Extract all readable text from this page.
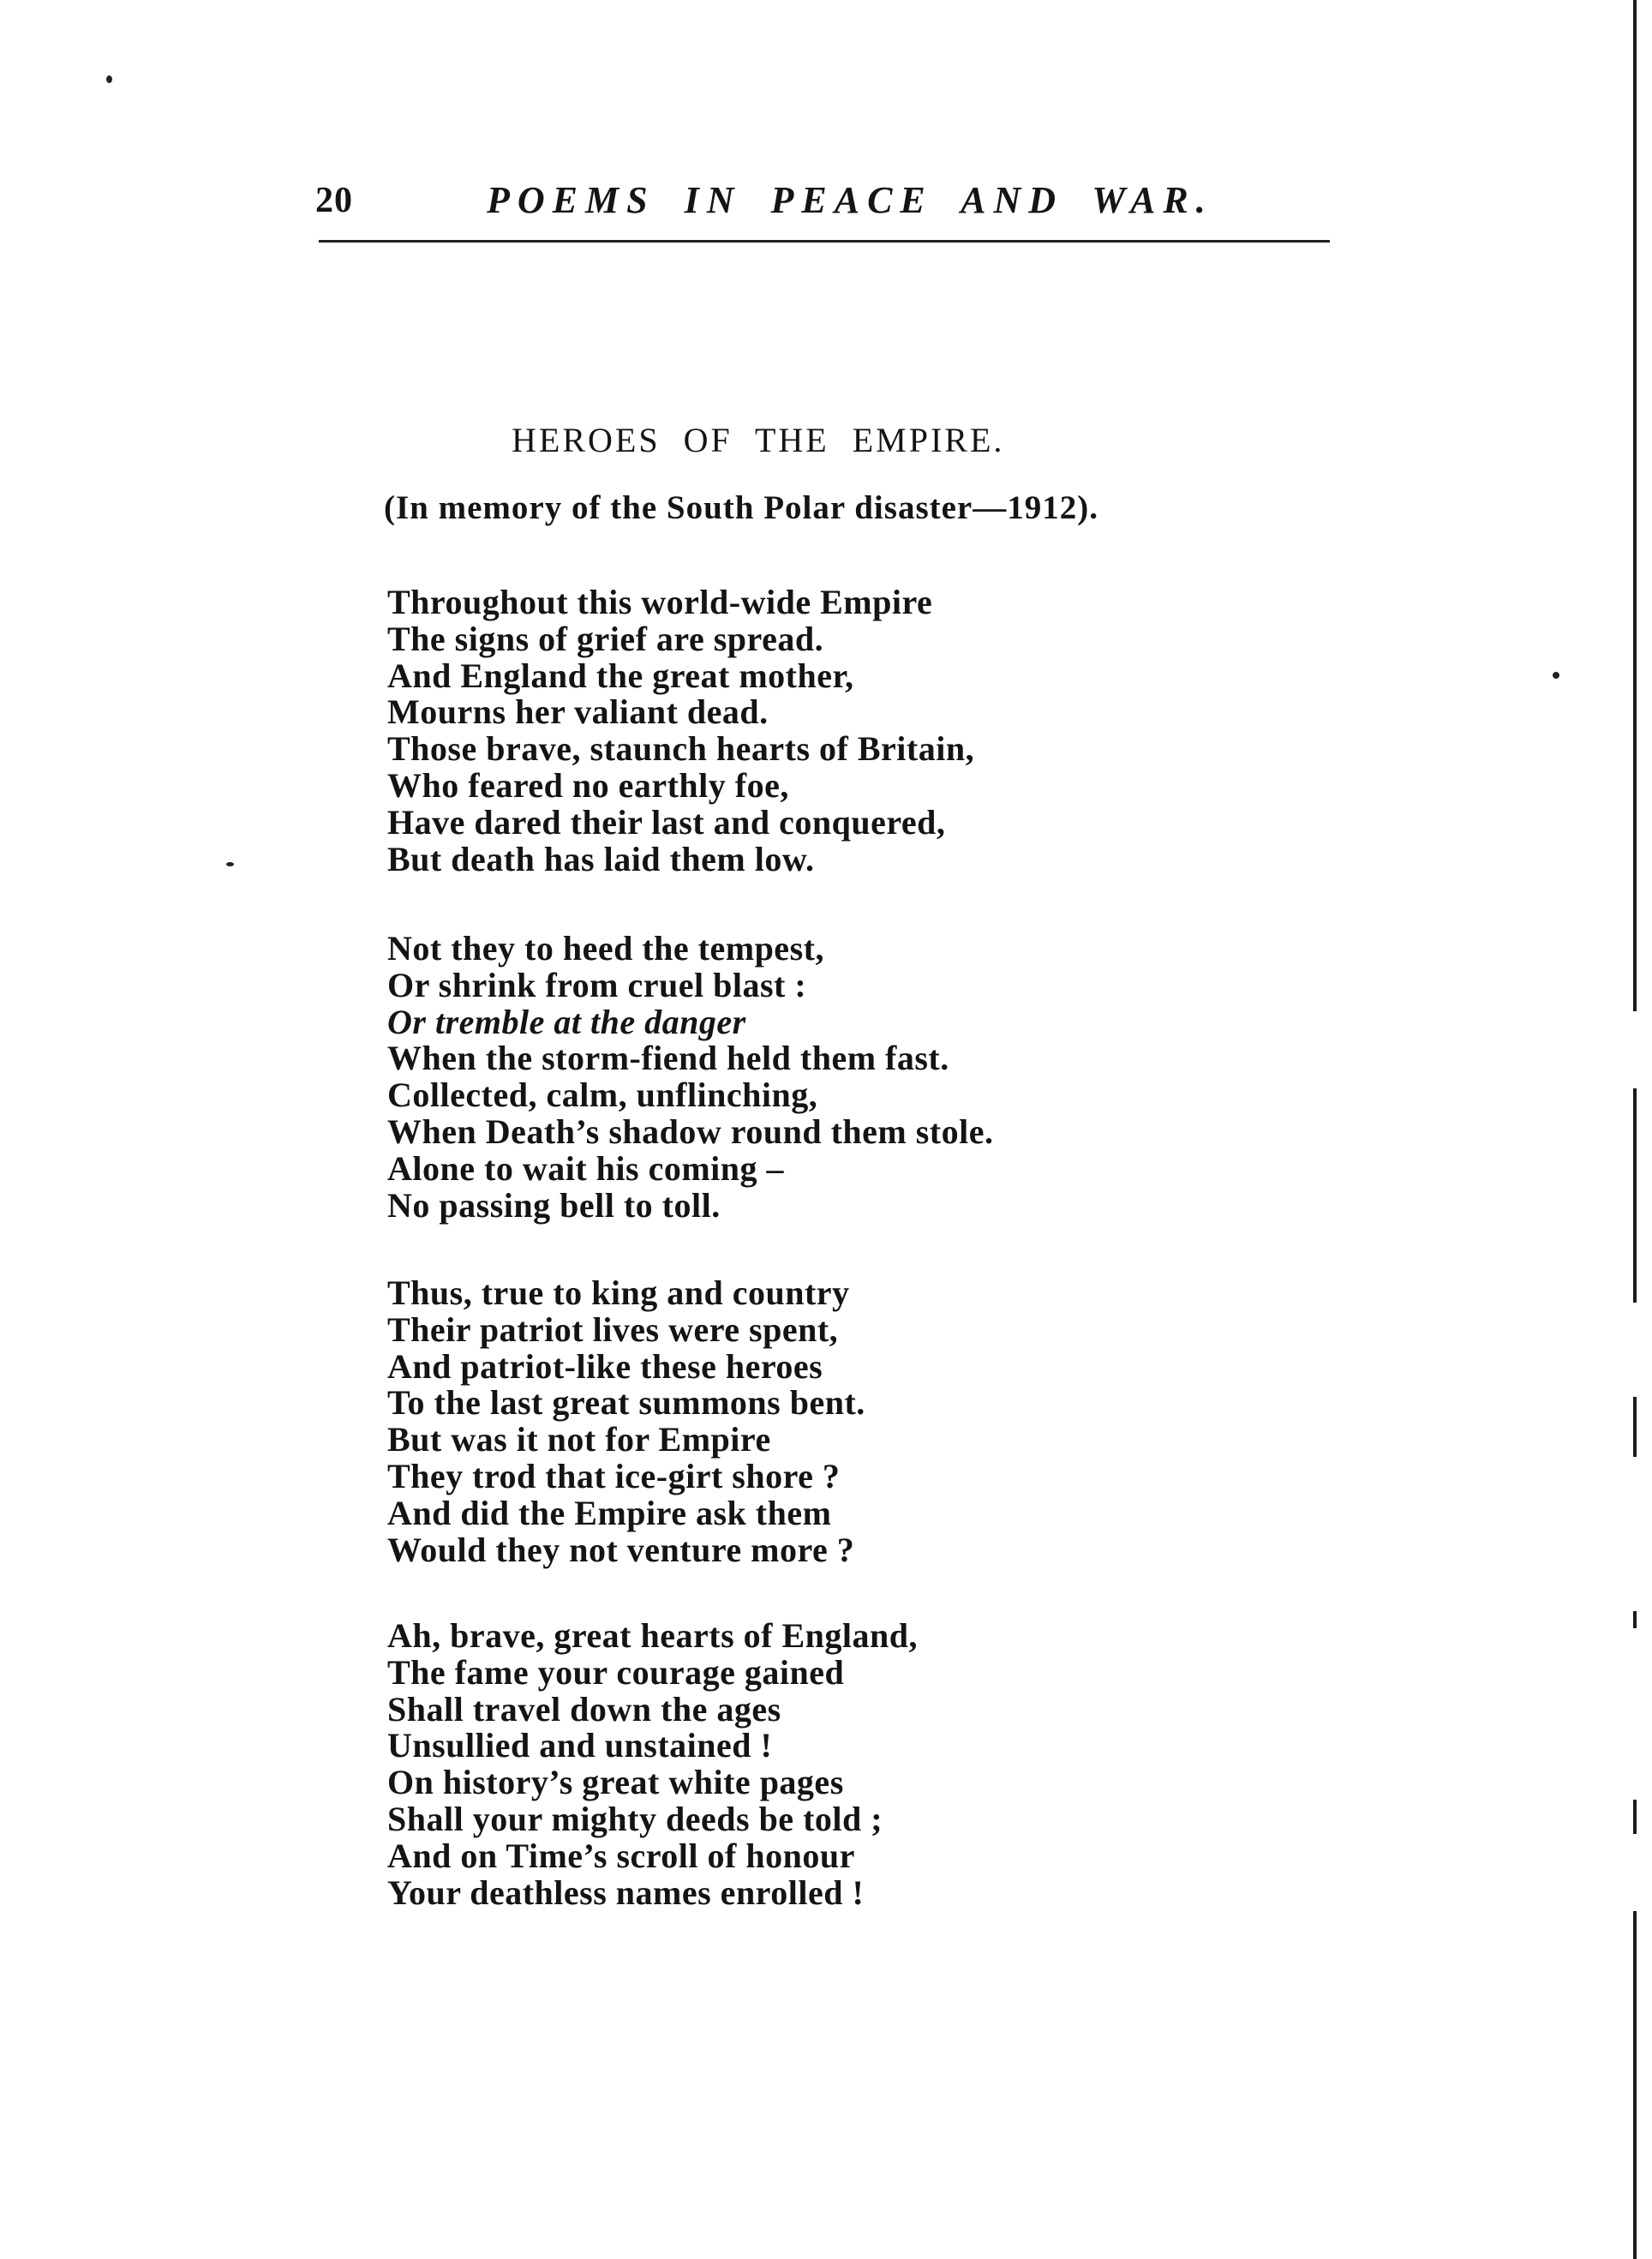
20	POEMS IN PEACE AND WAR.
HEROES OF THE EMPIRE.
(In memory of the South Polar disaster—1912).
Throughout this world-wide Empire
The signs of grief are spread.
And England the great mother,
Mourns her valiant dead.
Those brave, staunch hearts of Britain,
Who feared no earthly foe,
Have dared their last and conquered,
But death has laid them low.
Not they to heed the tempest,
Or shrink from cruel blast :
Or tremble at the danger
When the storm-fiend held them fast.
Collected, calm, unflinching,
When Death’s shadow round them stole.
Alone to wait his coming –
No passing bell to toll.
Thus, true to king and country
Their patriot lives were spent,
And patriot-like these heroes
To the last great summons bent.
But was it not for Empire
They trod that ice-girt shore ?
And did the Empire ask them
Would they not venture more ?
Ah, brave, great hearts of England,
The fame your courage gained
Shall travel down the ages
Unsullied and unstained !
On history’s great white pages
Shall your mighty deeds be told ;
And on Time’s scroll of honour
Your deathless names enrolled !
